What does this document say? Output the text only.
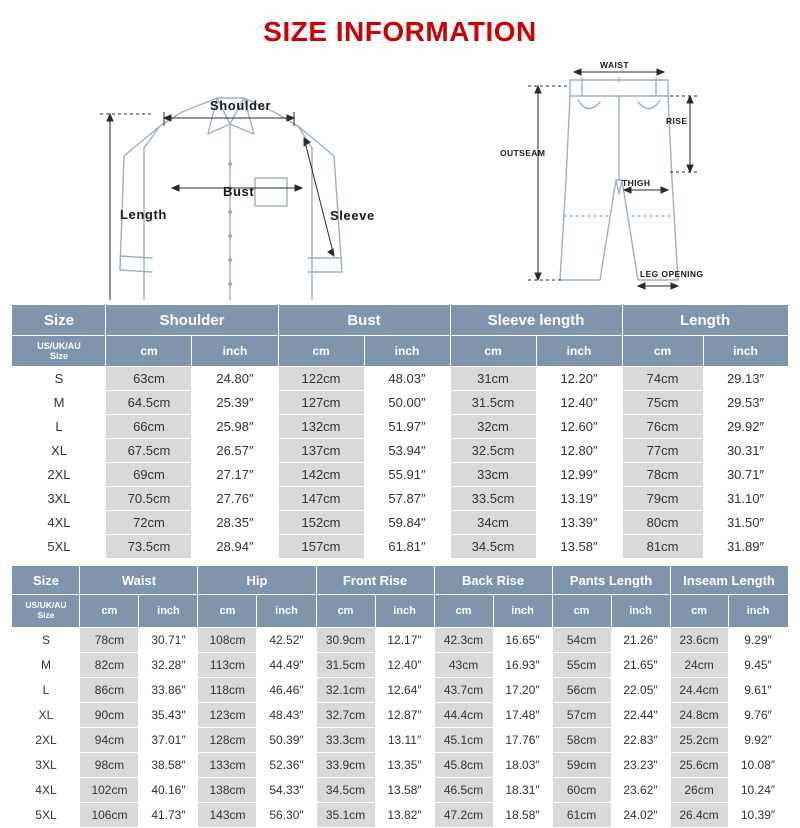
SIZE INFORMATION
Shoulder
Bust
Sleeve
Length
WAIST
RISE
OUTSEAM
THIGH
LEG OPENING
Size	Shoulder		Bust		Sleeve length		Length	
US/UK/AU
Size	cm	inch	cm	inch	cm	inch	cm	inch
S	63cm	24.80″	122cm	48.03″	31cm	12.20″	74cm	29.13″
M	64.5cm	25.39″	127cm	50.00″	31.5cm	12.40″	75cm	29.53″
L	66cm	25.98″	132cm	51.97″	32cm	12.60″	76cm	29.92″
XL	67.5cm	26.57″	137cm	53.94″	32.5cm	12.80″	77cm	30.31″
2XL	69cm	27.17″	142cm	55.91″	33cm	12.99″	78cm	30.71″
3XL	70.5cm	27.76″	147cm	57.87″	33.5cm	13.19″	79cm	31.10″
4XL	72cm	28.35″	152cm	59.84″	34cm	13.39″	80cm	31.50″
5XL	73.5cm	28.94″	157cm	61.81″	34.5cm	13.58″	81cm	31.89″
Size	Waist		Hip		Front Rise		Back Rise		Pants Length		Inseam Length	
US/UK/AU
Size	cm	inch	cm	inch	cm	inch	cm	inch	cm	inch	cm	inch
S	78cm	30.71″	108cm	42.52″	30.9cm	12.17″	42.3cm	16.65″	54cm	21.26″	23.6cm	9.29″
M	82cm	32.28″	113cm	44.49″	31.5cm	12.40″	43cm	16.93″	55cm	21.65″	24cm	9.45″
L	86cm	33.86″	118cm	46.46″	32.1cm	12.64″	43.7cm	17.20″	56cm	22.05″	24.4cm	9.61″
XL	90cm	35.43″	123cm	48.43″	32.7cm	12.87″	44.4cm	17.48″	57cm	22.44″	24.8cm	9.76″
2XL	94cm	37.01″	128cm	50.39″	33.3cm	13.11″	45.1cm	17.76″	58cm	22.83″	25.2cm	9.92″
3XL	98cm	38.58″	133cm	52.36″	33.9cm	13.35″	45.8cm	18.03″	59cm	23.23″	25.6cm	10.08″
4XL	102cm	40.16″	138cm	54.33″	34.5cm	13.58″	46.5cm	18.31″	60cm	23.62″	26cm	10.24″
5XL	106cm	41.73″	143cm	56.30″	35.1cm	13.82″	47.2cm	18.58″	61cm	24.02″	26.4cm	10.39″
